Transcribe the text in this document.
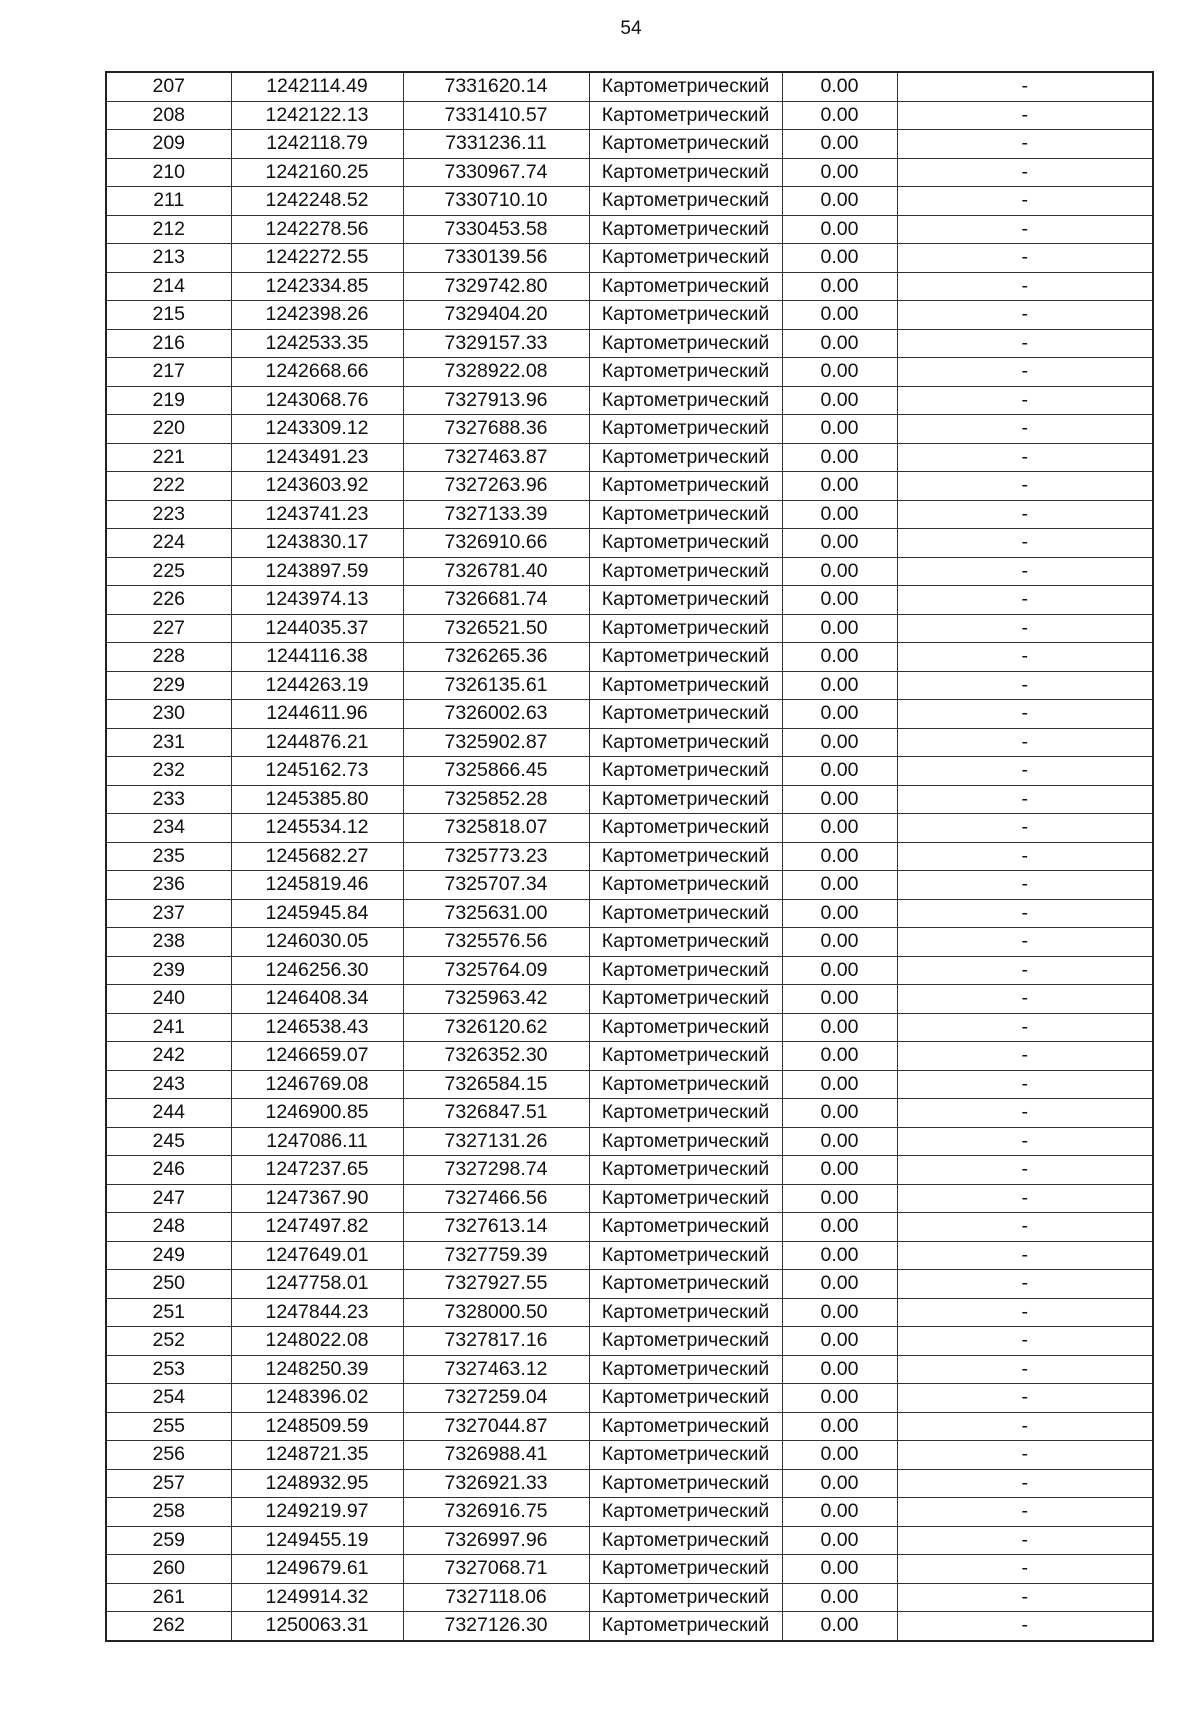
54
207	1242114.49	7331620.14	Картометрический	0.00	-
208	1242122.13	7331410.57	Картометрический	0.00	-
209	1242118.79	7331236.11	Картометрический	0.00	-
210	1242160.25	7330967.74	Картометрический	0.00	-
211	1242248.52	7330710.10	Картометрический	0.00	-
212	1242278.56	7330453.58	Картометрический	0.00	-
213	1242272.55	7330139.56	Картометрический	0.00	-
214	1242334.85	7329742.80	Картометрический	0.00	-
215	1242398.26	7329404.20	Картометрический	0.00	-
216	1242533.35	7329157.33	Картометрический	0.00	-
217	1242668.66	7328922.08	Картометрический	0.00	-
219	1243068.76	7327913.96	Картометрический	0.00	-
220	1243309.12	7327688.36	Картометрический	0.00	-
221	1243491.23	7327463.87	Картометрический	0.00	-
222	1243603.92	7327263.96	Картометрический	0.00	-
223	1243741.23	7327133.39	Картометрический	0.00	-
224	1243830.17	7326910.66	Картометрический	0.00	-
225	1243897.59	7326781.40	Картометрический	0.00	-
226	1243974.13	7326681.74	Картометрический	0.00	-
227	1244035.37	7326521.50	Картометрический	0.00	-
228	1244116.38	7326265.36	Картометрический	0.00	-
229	1244263.19	7326135.61	Картометрический	0.00	-
230	1244611.96	7326002.63	Картометрический	0.00	-
231	1244876.21	7325902.87	Картометрический	0.00	-
232	1245162.73	7325866.45	Картометрический	0.00	-
233	1245385.80	7325852.28	Картометрический	0.00	-
234	1245534.12	7325818.07	Картометрический	0.00	-
235	1245682.27	7325773.23	Картометрический	0.00	-
236	1245819.46	7325707.34	Картометрический	0.00	-
237	1245945.84	7325631.00	Картометрический	0.00	-
238	1246030.05	7325576.56	Картометрический	0.00	-
239	1246256.30	7325764.09	Картометрический	0.00	-
240	1246408.34	7325963.42	Картометрический	0.00	-
241	1246538.43	7326120.62	Картометрический	0.00	-
242	1246659.07	7326352.30	Картометрический	0.00	-
243	1246769.08	7326584.15	Картометрический	0.00	-
244	1246900.85	7326847.51	Картометрический	0.00	-
245	1247086.11	7327131.26	Картометрический	0.00	-
246	1247237.65	7327298.74	Картометрический	0.00	-
247	1247367.90	7327466.56	Картометрический	0.00	-
248	1247497.82	7327613.14	Картометрический	0.00	-
249	1247649.01	7327759.39	Картометрический	0.00	-
250	1247758.01	7327927.55	Картометрический	0.00	-
251	1247844.23	7328000.50	Картометрический	0.00	-
252	1248022.08	7327817.16	Картометрический	0.00	-
253	1248250.39	7327463.12	Картометрический	0.00	-
254	1248396.02	7327259.04	Картометрический	0.00	-
255	1248509.59	7327044.87	Картометрический	0.00	-
256	1248721.35	7326988.41	Картометрический	0.00	-
257	1248932.95	7326921.33	Картометрический	0.00	-
258	1249219.97	7326916.75	Картометрический	0.00	-
259	1249455.19	7326997.96	Картометрический	0.00	-
260	1249679.61	7327068.71	Картометрический	0.00	-
261	1249914.32	7327118.06	Картометрический	0.00	-
262	1250063.31	7327126.30	Картометрический	0.00	-
